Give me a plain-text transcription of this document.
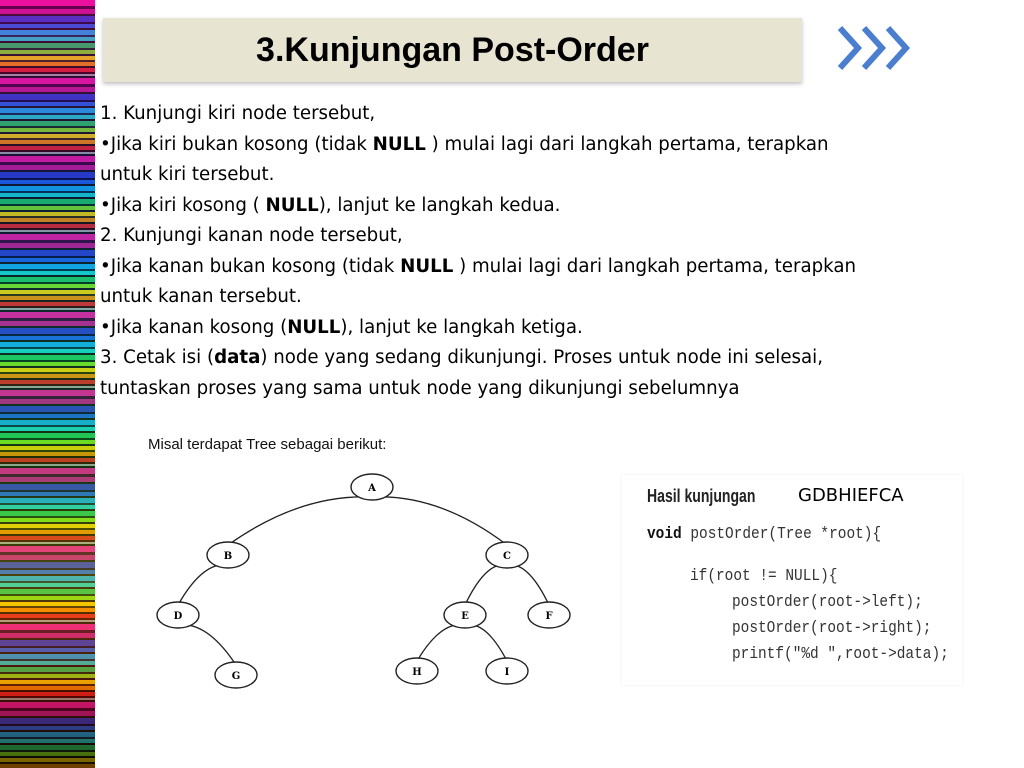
3.Kunjungan Post-Order

1. Kunjungi kiri node tersebut,

•Jika kiri bukan kosong (tidak NULL ) mulai lagi dari langkah pertama, terapkan

untuk kiri tersebut.

•Jika kiri kosong ( NULL), lanjut ke langkah kedua.

2. Kunjungi kanan node tersebut,

•Jika kanan bukan kosong (tidak NULL ) mulai lagi dari langkah pertama, terapkan

untuk kanan tersebut.

•Jika kanan kosong (NULL), lanjut ke langkah ketiga.

3. Cetak isi (data) node yang sedang dikunjungi. Proses untuk node ini selesai,

tuntaskan proses yang sama untuk node yang dikunjungi sebelumnya

A
B	C
D	E	F
G	H	I
Misal terdapat Tree sebagai berikut:
Hasil kunjungan GDBHIEFCA
void postOrder(Tree *root){
if(root != NULL){
postOrder(root->left);
postOrder(root->right);
printf("%d ",root->data);
